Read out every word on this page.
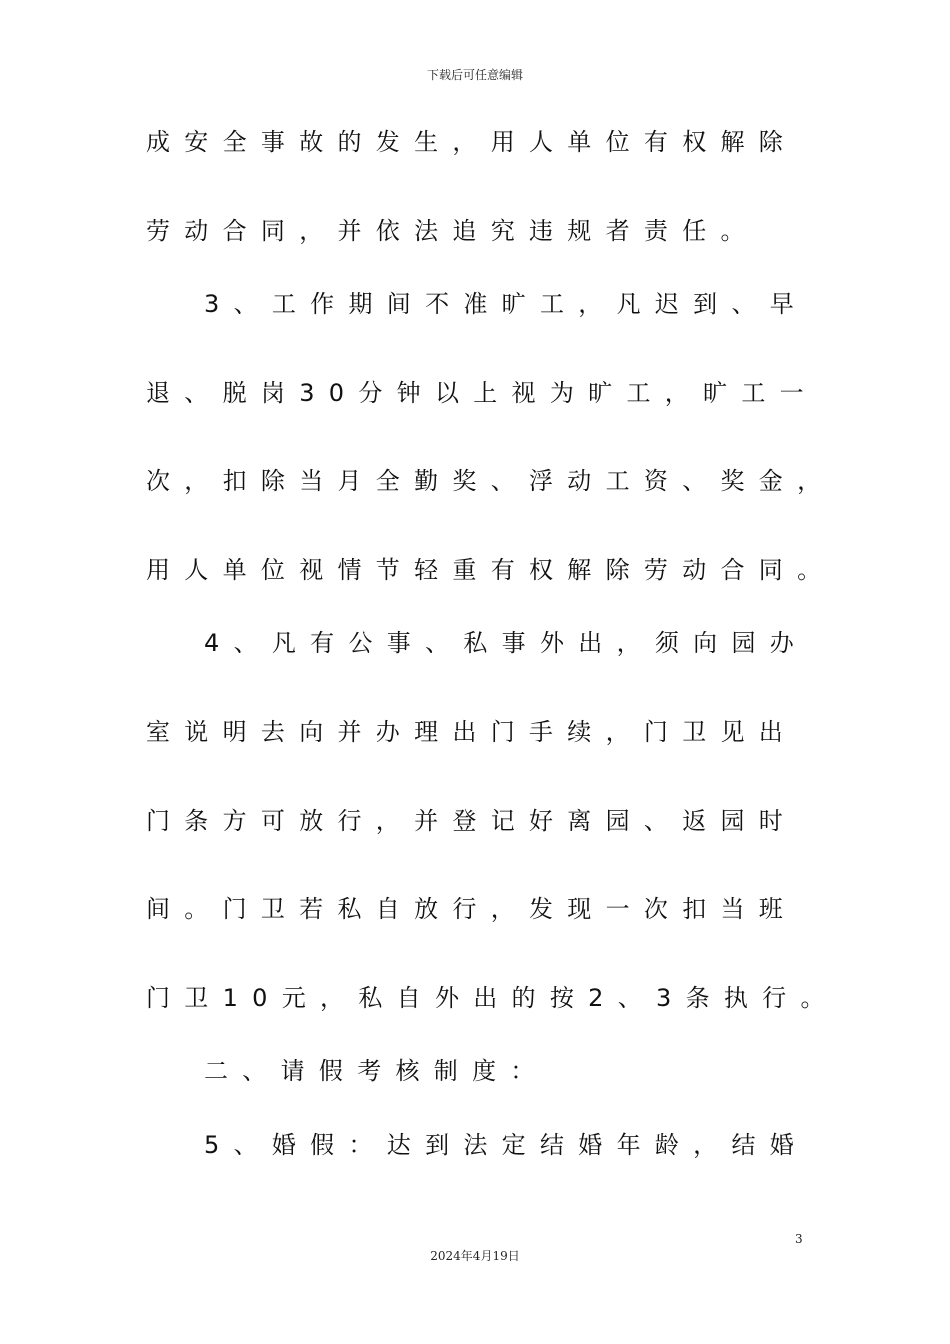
下载后可任意编辑
成安全事故的发生，用人单位有权解除
劳动合同，并依法追究违规者责任。
3、工作期间不准旷工，凡迟到、早
退、脱岗30分钟以上视为旷工，旷工一
次，扣除当月全勤奖、浮动工资、奖金，
用人单位视情节轻重有权解除劳动合同。
4、凡有公事、私事外出，须向园办
室说明去向并办理出门手续，门卫见出
门条方可放行，并登记好离园、返园时
间。门卫若私自放行，发现一次扣当班
门卫10元，私自外出的按2、3条执行。
二、请假考核制度：
5、婚假：达到法定结婚年龄，结婚
3
2024年4月19日
